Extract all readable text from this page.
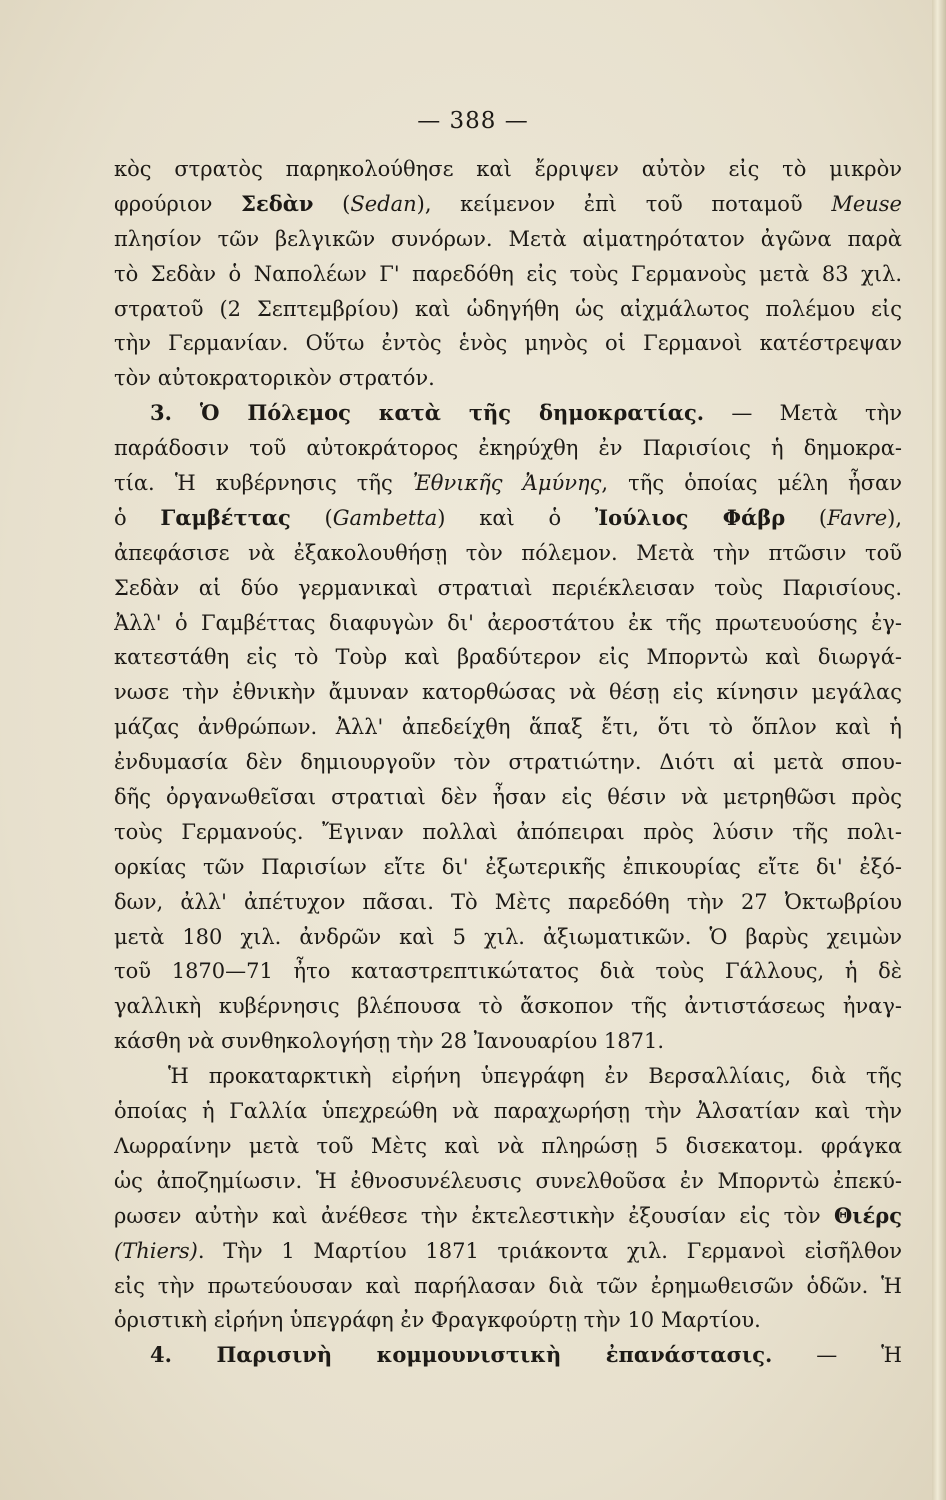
— 388 —
κὸς στρατὸς παρηκολούθησε καὶ ἔρριψεν αὐτὸν εἰς τὸ μικρὸν
φρούριον Σεδὰν (Sedan), κείμενον ἐπὶ τοῦ ποταμοῦ Meuse
πλησίον τῶν βελγικῶν συνόρων. Μετὰ αἱματηρότατον ἀγῶνα παρὰ
τὸ Σεδὰν ὁ Ναπολέων Γ' παρεδόθη εἰς τοὺς Γερμανοὺς μετὰ 83 χιλ.
στρατοῦ (2 Σεπτεμβρίου) καὶ ὡδηγήθη ὡς αἰχμάλωτος πολέμου εἰς
τὴν Γερμανίαν. Οὕτω ἐντὸς ἑνὸς μηνὸς οἱ Γερμανοὶ κατέστρεψαν
τὸν αὐτοκρατορικὸν στρατόν.
3. Ὁ Πόλεμος κατὰ τῆς δημοκρατίας. — Μετὰ τὴν
παράδοσιν τοῦ αὐτοκράτορος ἐκηρύχθη ἐν Παρισίοις ἡ δημοκρα-
τία. Ἡ κυβέρνησις τῆς Ἐθνικῆς Ἀμύνης, τῆς ὁποίας μέλη ἦσαν
ὁ Γαμβέττας (Gambetta) καὶ ὁ Ἰούλιος Φάβρ (Favre),
ἀπεφάσισε νὰ ἐξακολουθήσῃ τὸν πόλεμον. Μετὰ τὴν πτῶσιν τοῦ
Σεδὰν αἱ δύο γερμανικαὶ στρατιαὶ περιέκλεισαν τοὺς Παρισίους.
Ἀλλ' ὁ Γαμβέττας διαφυγὼν δι' ἀεροστάτου ἐκ τῆς πρωτευούσης ἐγ-
κατεστάθη εἰς τὸ Τοὺρ καὶ βραδύτερον εἰς Μπορντὼ καὶ διωργά-
νωσε τὴν ἐθνικὴν ἄμυναν κατορθώσας νὰ θέσῃ εἰς κίνησιν μεγάλας
μάζας ἀνθρώπων. Ἀλλ' ἀπεδείχθη ἅπαξ ἔτι, ὅτι τὸ ὅπλον καὶ ἡ
ἐνδυμασία δὲν δημιουργοῦν τὸν στρατιώτην. Διότι αἱ μετὰ σπου-
δῆς ὀργανωθεῖσαι στρατιαὶ δὲν ἦσαν εἰς θέσιν νὰ μετρηθῶσι πρὸς
τοὺς Γερμανούς. Ἔγιναν πολλαὶ ἀπόπειραι πρὸς λύσιν τῆς πολι-
ορκίας τῶν Παρισίων εἴτε δι' ἐξωτερικῆς ἐπικουρίας εἴτε δι' ἐξό-
δων, ἀλλ' ἀπέτυχον πᾶσαι. Τὸ Μὲτς παρεδόθη τὴν 27 Ὀκτωβρίου
μετὰ 180 χιλ. ἀνδρῶν καὶ 5 χιλ. ἀξιωματικῶν. Ὁ βαρὺς χειμὼν
τοῦ 1870—71 ἦτο καταστρεπτικώτατος διὰ τοὺς Γάλλους, ἡ δὲ
γαλλικὴ κυβέρνησις βλέπουσα τὸ ἄσκοπον τῆς ἀντιστάσεως ἠναγ-
κάσθη νὰ συνθηκολογήσῃ τὴν 28 Ἰανουαρίου 1871.
Ἡ προκαταρκτικὴ εἰρήνη ὑπεγράφη ἐν Βερσαλλίαις, διὰ τῆς
ὁποίας ἡ Γαλλία ὑπεχρεώθη νὰ παραχωρήσῃ τὴν Ἀλσατίαν καὶ τὴν
Λωρραίνην μετὰ τοῦ Μὲτς καὶ νὰ πληρώσῃ 5 δισεκατομ. φράγκα
ὡς ἀποζημίωσιν. Ἡ ἐθνοσυνέλευσις συνελθοῦσα ἐν Μπορντὼ ἐπεκύ-
ρωσεν αὐτὴν καὶ ἀνέθεσε τὴν ἐκτελεστικὴν ἐξουσίαν εἰς τὸν Θιέρς
(Thiers). Τὴν 1 Μαρτίου 1871 τριάκοντα χιλ. Γερμανοὶ εἰσῆλθον
εἰς τὴν πρωτεύουσαν καὶ παρήλασαν διὰ τῶν ἐρημωθεισῶν ὁδῶν. Ἡ
ὁριστικὴ εἰρήνη ὑπεγράφη ἐν Φραγκφούρτῃ τὴν 10 Μαρτίου.
4. Παρισινὴ κομμουνιστικὴ ἐπανάστασις. — Ἡ
